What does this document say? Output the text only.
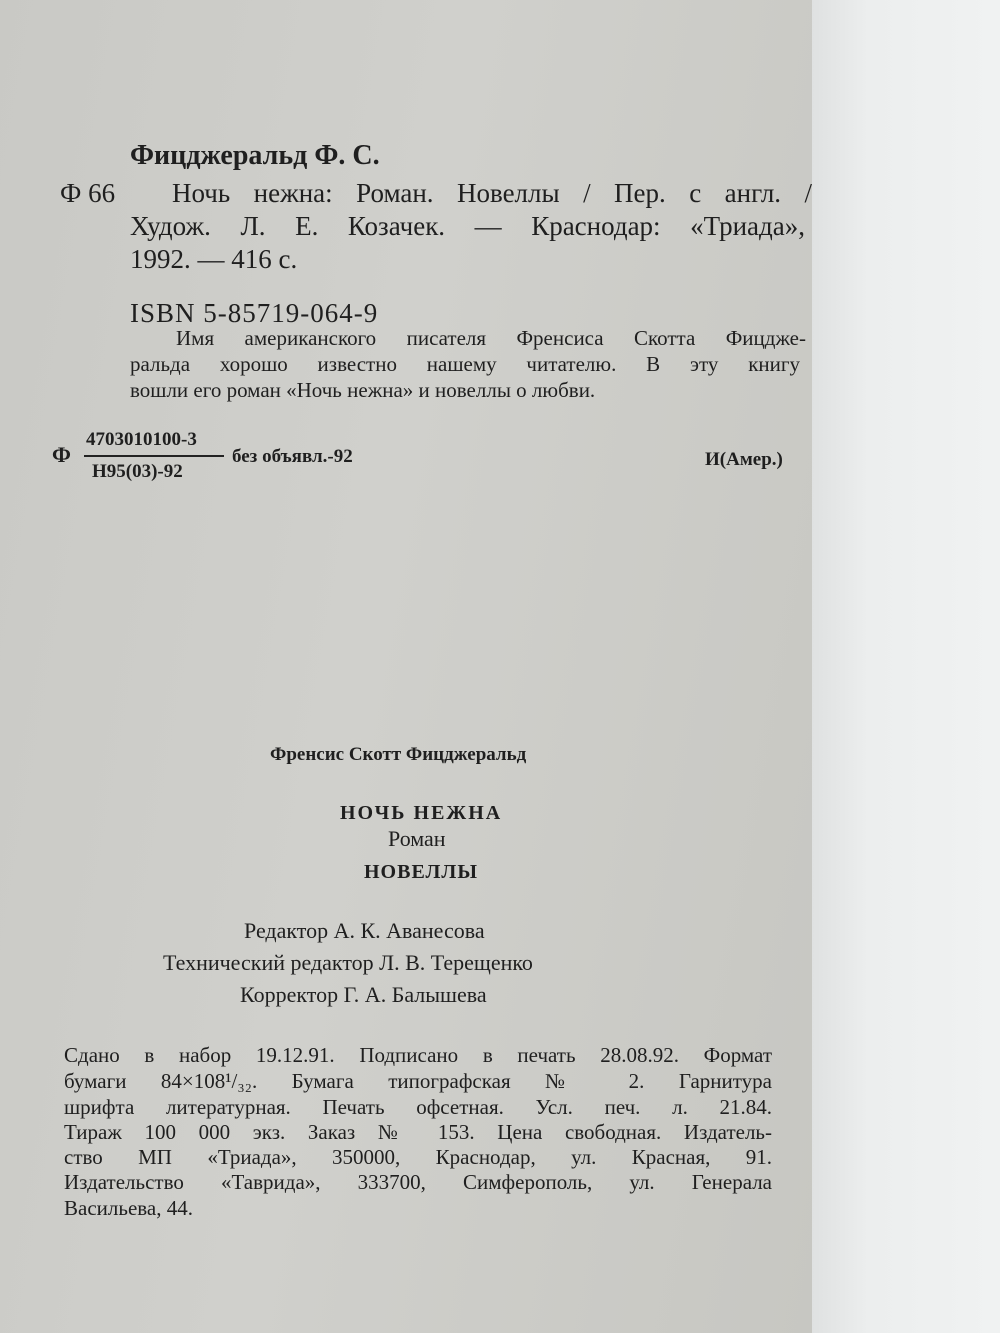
Фицджеральд Ф. С.
Ф 66 Ночь нежна: Роман. Новеллы / Пер. с англ. /
Худож. Л. Е. Козачек. — Краснодар: «Триада»,
1992. — 416 с.
ISBN 5-85719-064-9
Имя американского писателя Френсиса Скотта Фицдже-
ральда хорошо известно нашему читателю. В эту книгу
вошли его роман «Ночь нежна» и новеллы о любви.
Ф
4703010100-3
Н95(03)-92
без объявл.-92	И(Амер.)
Френсис Скотт Фицджеральд
НОЧЬ НЕЖНА
Роман
НОВЕЛЛЫ
Редактор А. К. Аванесова
Технический редактор Л. В. Терещенко
Корректор Г. А. Балышева
Сдано в набор 19.12.91. Подписано в печать 28.08.92. Формат
бумаги 84×108¹/₃₂. Бумага типографская № 2. Гарнитура
шрифта литературная. Печать офсетная. Усл. печ. л. 21.84.
Тираж 100 000 экз. Заказ № 153. Цена свободная. Издатель-
ство МП «Триада», 350000, Краснодар, ул. Красная, 91.
Издательство «Таврида», 333700, Симферополь, ул. Генерала
Васильева, 44.
